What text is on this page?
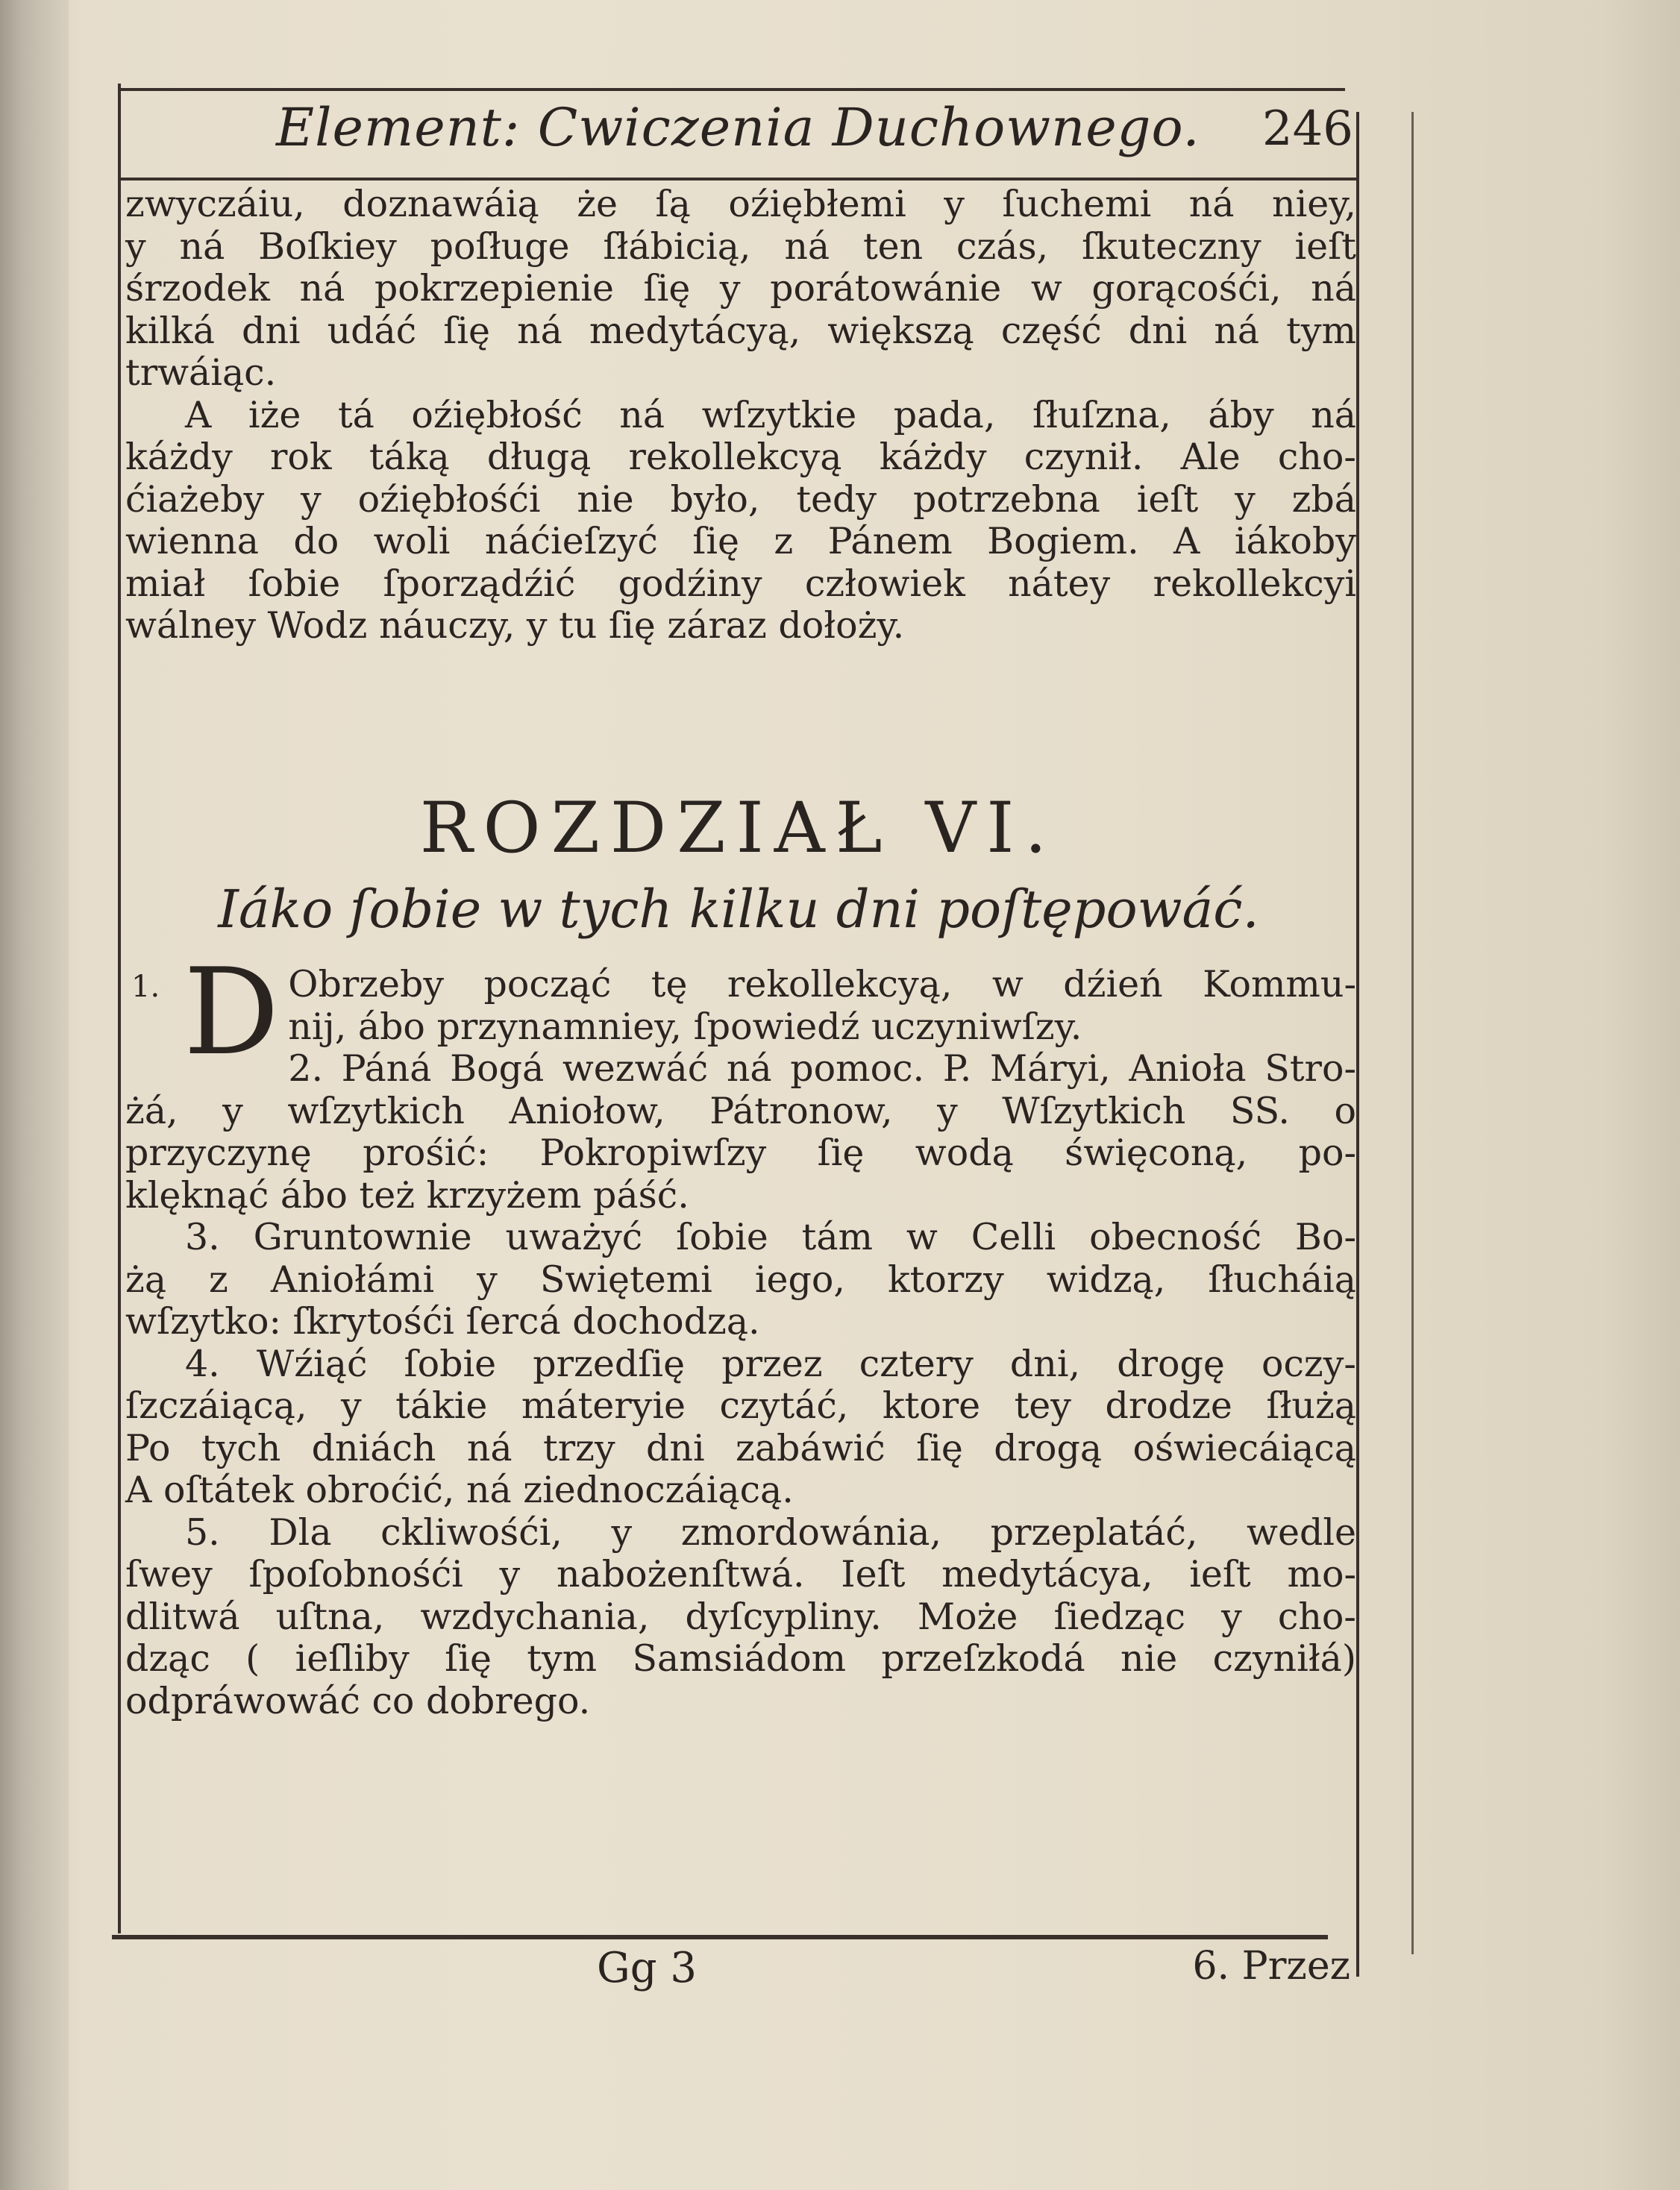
Element: Cwiczenia Duchownego. 246
zwyczáiu, doznawáią że ſą oźiębłemi y ſuchemi ná niey,
y ná Boſkiey poſługe ſłábicią, ná ten czás, ſkuteczny ieſt
śrzodek ná pokrzepienie ſię y porátowánie w gorącośći, ná
kilká dni udáć ſię ná medytácyą, większą część dni ná tym
trwáiąc.
A iże tá oźiębłość ná wſzytkie pada, ſłuſzna, áby ná
káżdy rok táką długą rekollekcyą káżdy czynił. Ale cho-
ćiażeby y oźiębłośći nie było, tedy potrzebna ieſt y zbá
wienna do woli náćieſzyć ſię z Pánem Bogiem. A iákoby
miał ſobie ſporządźić godźiny człowiek nátey rekollekcyi
wálney Wodz náuczy, y tu ſię záraz dołoży.
ROZDZIAŁ VI.
Iáko ſobie w tych kilku dni poſtępowáć.
1. D Obrzeby począć tę rekollekcyą, w dźień Kommu-
nij, ábo przynamniey, ſpowiedź uczyniwſzy.
2. Páná Bogá wezwáć ná pomoc. P. Máryi, Anioła Stro-
żá, y wſzytkich Aniołow, Pátronow, y Wſzytkich SS. o
przyczynę prośić: Pokropiwſzy ſię wodą święconą, po-
klęknąć ábo też krzyżem páść.
3. Gruntownie uważyć ſobie tám w Celli obecność Bo-
żą z Aniołámi y Swiętemi iego, ktorzy widzą, ſłucháią
wſzytko: ſkrytośći ſercá dochodzą.
4. Wźiąć ſobie przedſię przez cztery dni, drogę oczy-
ſzczáiącą, y tákie máteryie czytáć, ktore tey drodze ſłużą
Po tych dniách ná trzy dni zabáwić ſię drogą oświecáiącą
A oſtátek obroćić, ná ziednoczáiącą.
5. Dla ckliwośći, y zmordowánia, przeplatáć, wedle
ſwey ſpoſobnośći y nabożenſtwá. Ieſt medytácya, ieſt mo-
dlitwá uſtna, wzdychania, dyſcypliny. Może ſiedząc y cho-
dząc ( ieſliby ſię tym Samsiádom przeſzkodá nie czyniłá)
odpráwowáć co dobrego.
Gg 3	6. Przez
